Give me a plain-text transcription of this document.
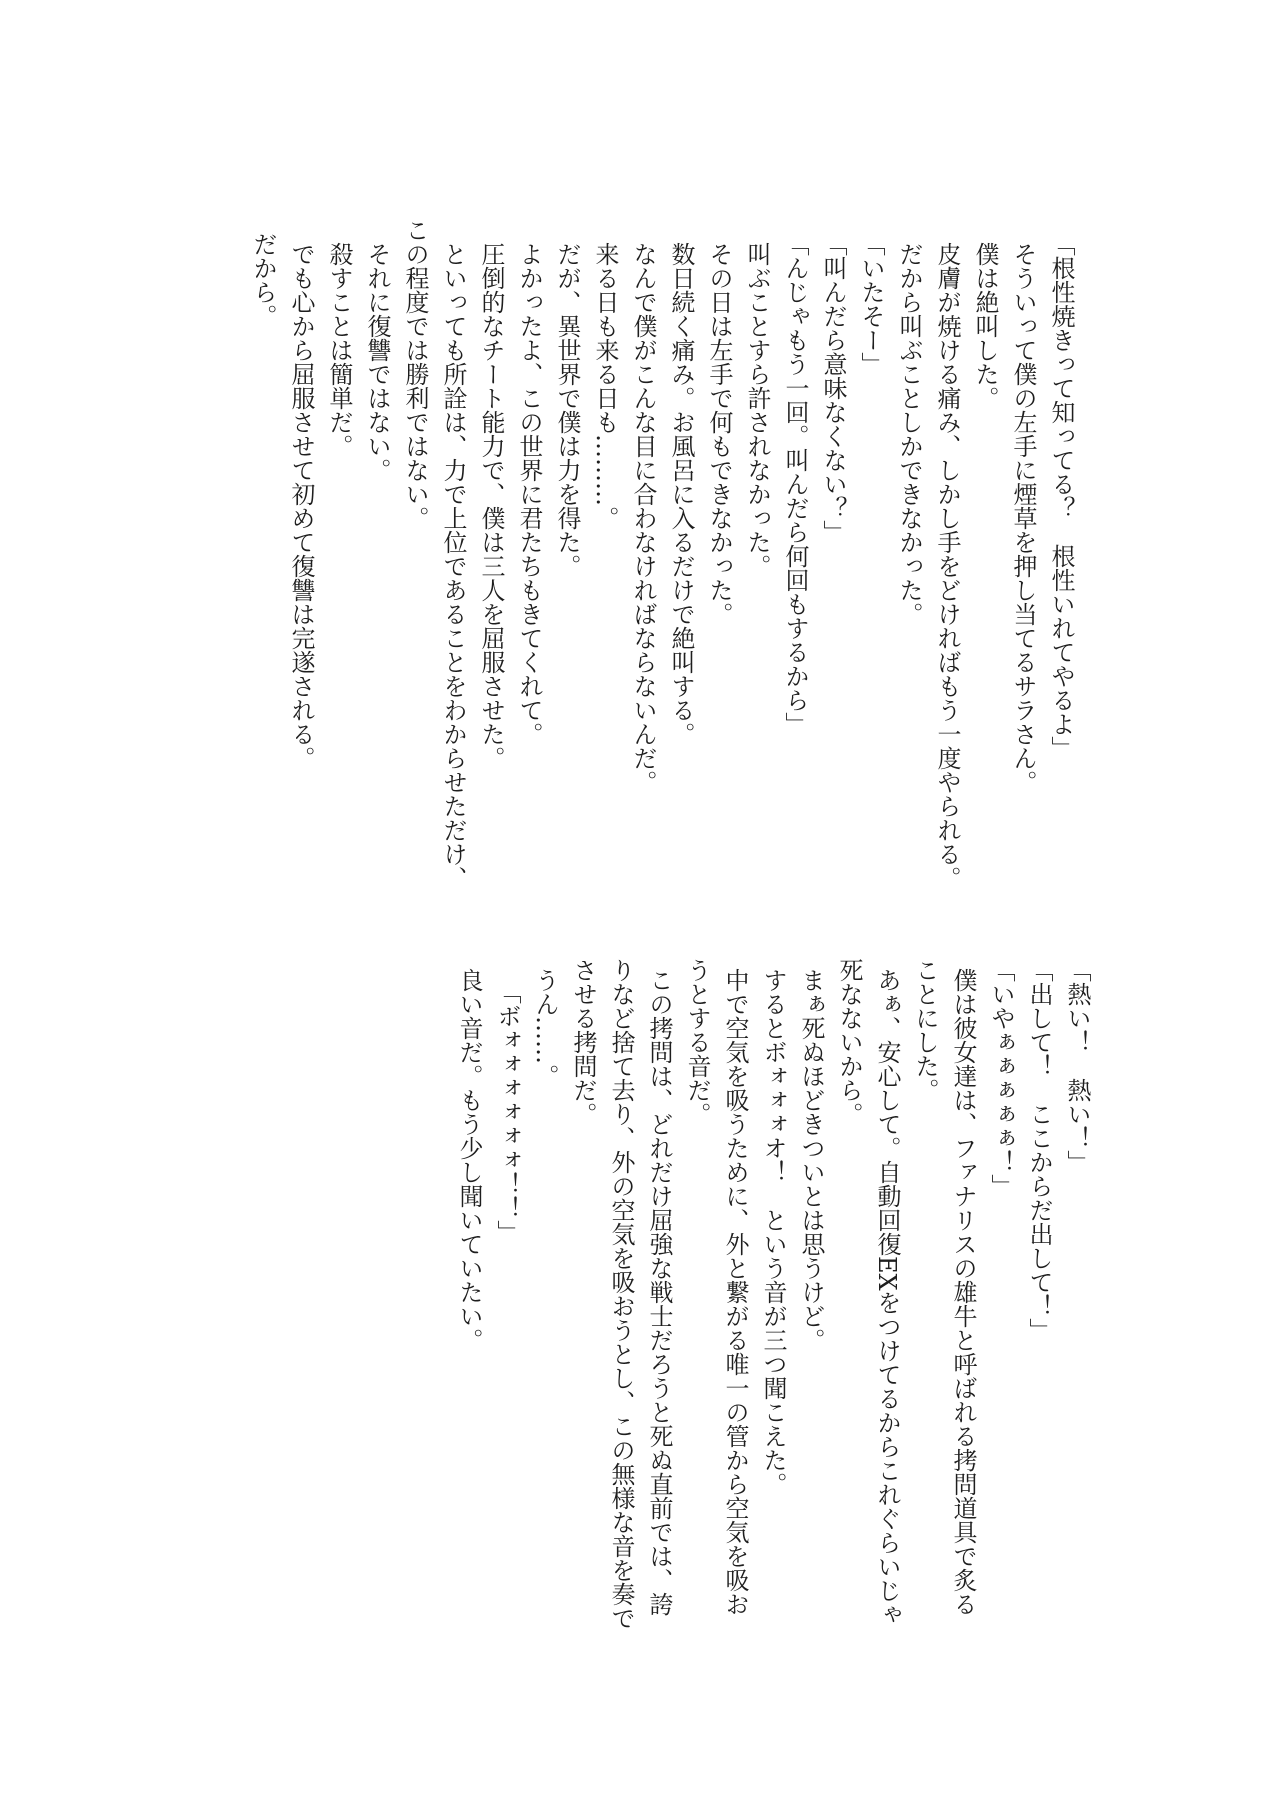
「根性焼きって知ってる？　根性いれてやるよ」
そういって僕の左手に煙草を押し当てるサラさん。
僕は絶叫した。
皮膚が焼ける痛み、しかし手をどければもう一度やられる。
だから叫ぶことしかできなかった。
「いたそー」
「叫んだら意味なくない？」
「んじゃもう一回。叫んだら何回もするから」
叫ぶことすら許されなかった。
その日は左手で何もできなかった。
数日続く痛み。お風呂に入るだけで絶叫する。
なんで僕がこんな目に合わなければならないんだ。
来る日も来る日も………。
だが、異世界で僕は力を得た。
よかったよ、この世界に君たちもきてくれて。
圧倒的なチート能力で、僕は三人を屈服させた。
といっても所詮は、力で上位であることをわからせただけ、
この程度では勝利ではない。
それに復讐ではない。
殺すことは簡単だ。
でも心から屈服させて初めて復讐は完遂される。
だから。
「熱い！　熱い！」
「出して！　ここからだ出して！」
「いやぁぁぁぁぁ！」
僕は彼女達は、ファナリスの雄牛と呼ばれる拷問道具で炙る
ことにした。
あぁ、安心して。自動回復EXをつけてるからこれぐらいじゃ
死なないから。
まぁ死ぬほどきついとは思うけど。
するとボォォォオ！　という音が三つ聞こえた。
中で空気を吸うために、外と繋がる唯一の管から空気を吸お
うとする音だ。
この拷問は、どれだけ屈強な戦士だろうと死ぬ直前では、誇
りなど捨て去り、外の空気を吸おうとし、この無様な音を奏で
させる拷問だ。
うん……。
「ボォォォォォォ！！」
良い音だ。もう少し聞いていたい。
